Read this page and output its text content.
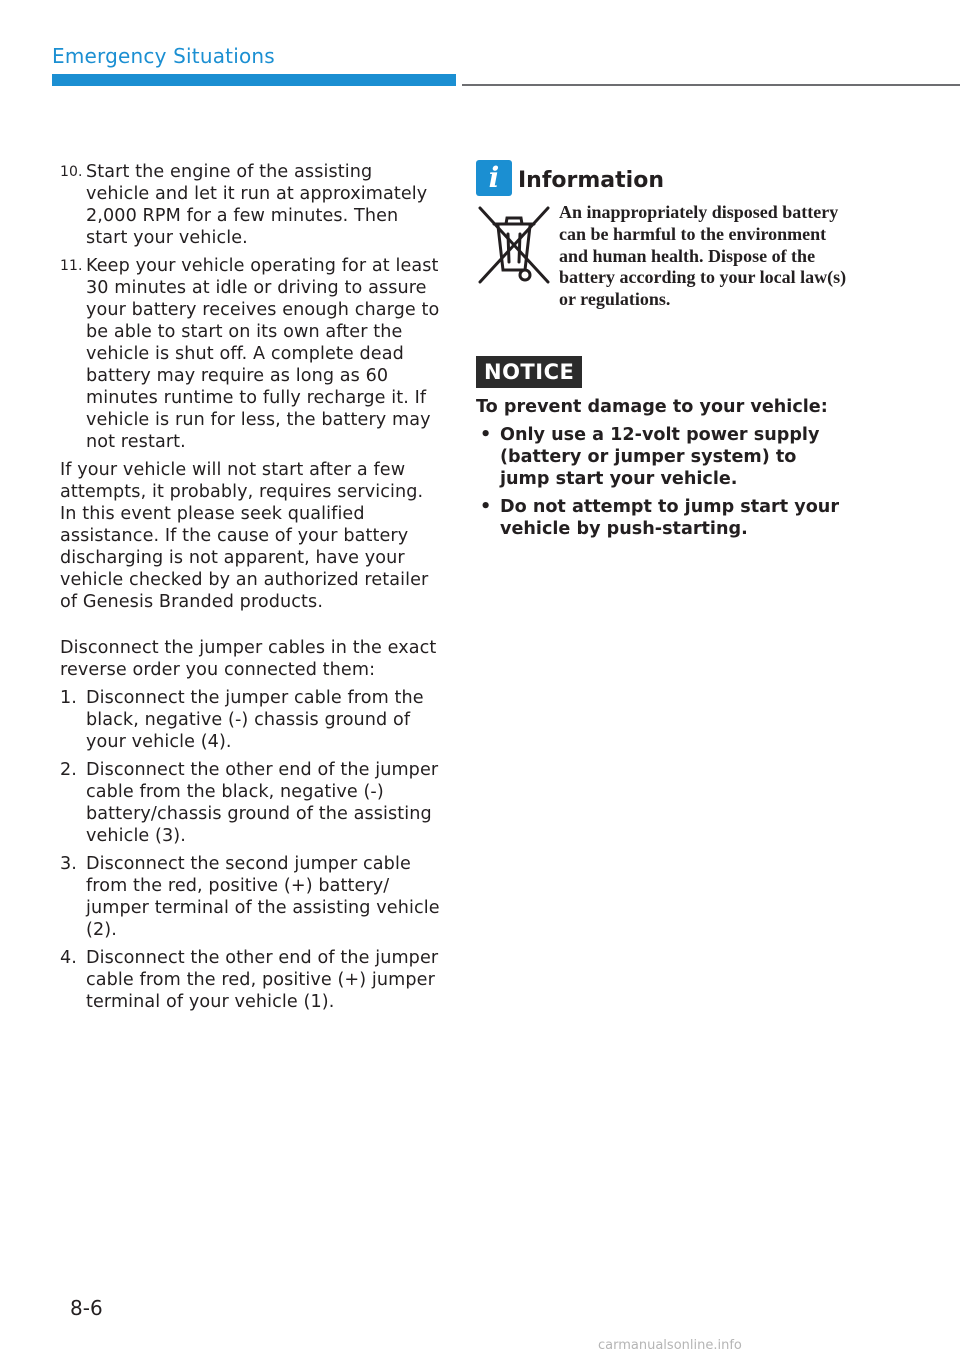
Emergency Situations
10. Start the engine of the assisting vehicle and let it run at approximately 2,000 RPM for a few minutes. Then start your vehicle.
11. Keep your vehicle operating for at least 30 minutes at idle or driving to assure your battery receives enough charge to be able to start on its own after the vehicle is shut off. A complete dead battery may require as long as 60 minutes runtime to fully recharge it. If vehicle is run for less, the battery may not restart.

If your vehicle will not start after a few attempts, it probably, requires servicing. In this event please seek qualified assistance. If the cause of your battery discharging is not apparent, have your vehicle checked by an authorized retailer of Genesis Branded products.

Disconnect the jumper cables in the exact reverse order you connected them:

1. Disconnect the jumper cable from the black, negative (-) chassis ground of your vehicle (4).
2. Disconnect the other end of the jumper cable from the black, negative (-) battery/chassis ground of the assisting vehicle (3).
3. Disconnect the second jumper cable from the red, positive (+) battery/ jumper terminal of the assisting vehicle (2).
4. Disconnect the other end of the jumper cable from the red, positive (+) jumper terminal of your vehicle (1).
i Information
An inappropriately disposed battery can be harmful to the environment and human health. Dispose of the battery according to your local law(s) or regulations.
NOTICE

To prevent damage to your vehicle:

• Only use a 12-volt power supply (battery or jumper system) to jump start your vehicle.
• Do not attempt to jump start your vehicle by push-starting.
8-6
carmanualsonline.info
